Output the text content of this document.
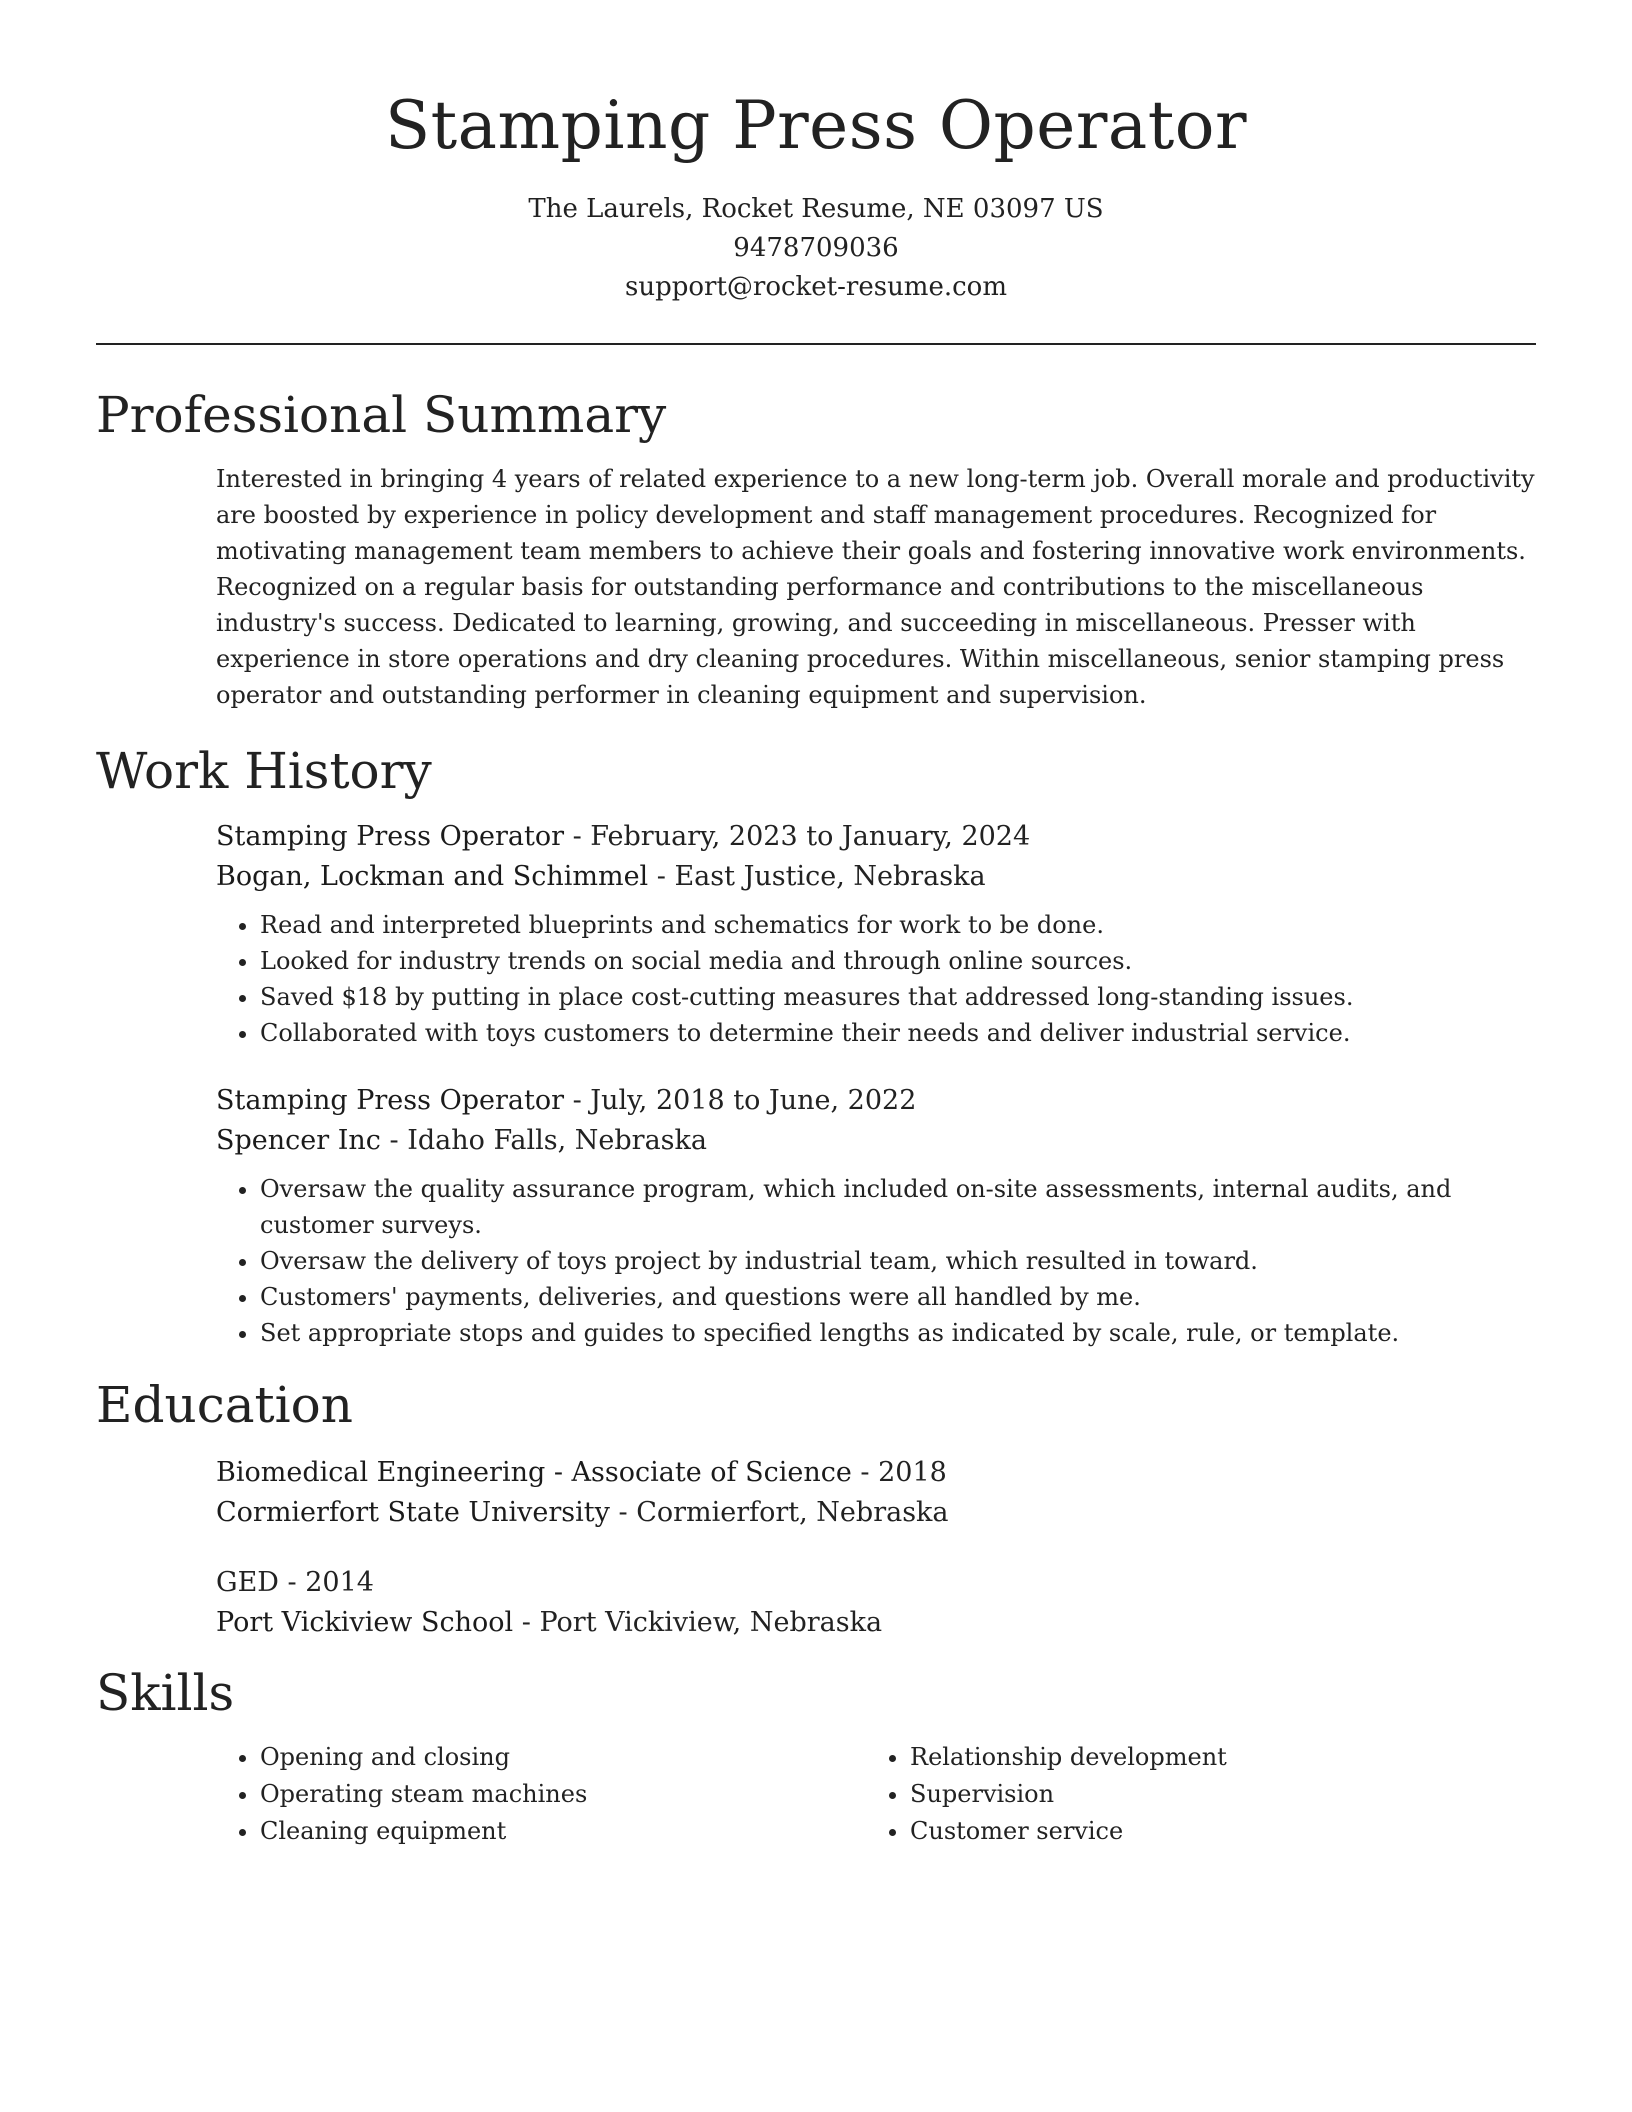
Stamping Press Operator

The Laurels, Rocket Resume, NE 03097 US

9478709036

support@rocket-resume.com

Professional Summary

Interested in bringing 4 years of related experience to a new long-term job. Overall morale and productivity are boosted by experience in policy development and staff management procedures. Recognized for motivating management team members to achieve their goals and fostering innovative work environments. Recognized on a regular basis for outstanding performance and contributions to the miscellaneous industry's success. Dedicated to learning, growing, and succeeding in miscellaneous. Presser with experience in store operations and dry cleaning procedures. Within miscellaneous, senior stamping press operator and outstanding performer in cleaning equipment and supervision.

Work History

Stamping Press Operator - February, 2023 to January, 2024

Bogan, Lockman and Schimmel - East Justice, Nebraska

• Read and interpreted blueprints and schematics for work to be done.
• Looked for industry trends on social media and through online sources.
• Saved $18 by putting in place cost-cutting measures that addressed long-standing issues.
• Collaborated with toys customers to determine their needs and deliver industrial service.

Stamping Press Operator - July, 2018 to June, 2022

Spencer Inc - Idaho Falls, Nebraska

• Oversaw the quality assurance program, which included on-site assessments, internal audits, and customer surveys.
• Oversaw the delivery of toys project by industrial team, which resulted in toward.
• Customers' payments, deliveries, and questions were all handled by me.
• Set appropriate stops and guides to specified lengths as indicated by scale, rule, or template.
Education

Biomedical Engineering - Associate of Science - 2018

Cormierfort State University - Cormierfort, Nebraska

GED - 2014

Port Vickiview School - Port Vickiview, Nebraska

Skills
• Opening and closing
• Operating steam machines
• Cleaning equipment
• Relationship development
• Supervision
• Customer service
